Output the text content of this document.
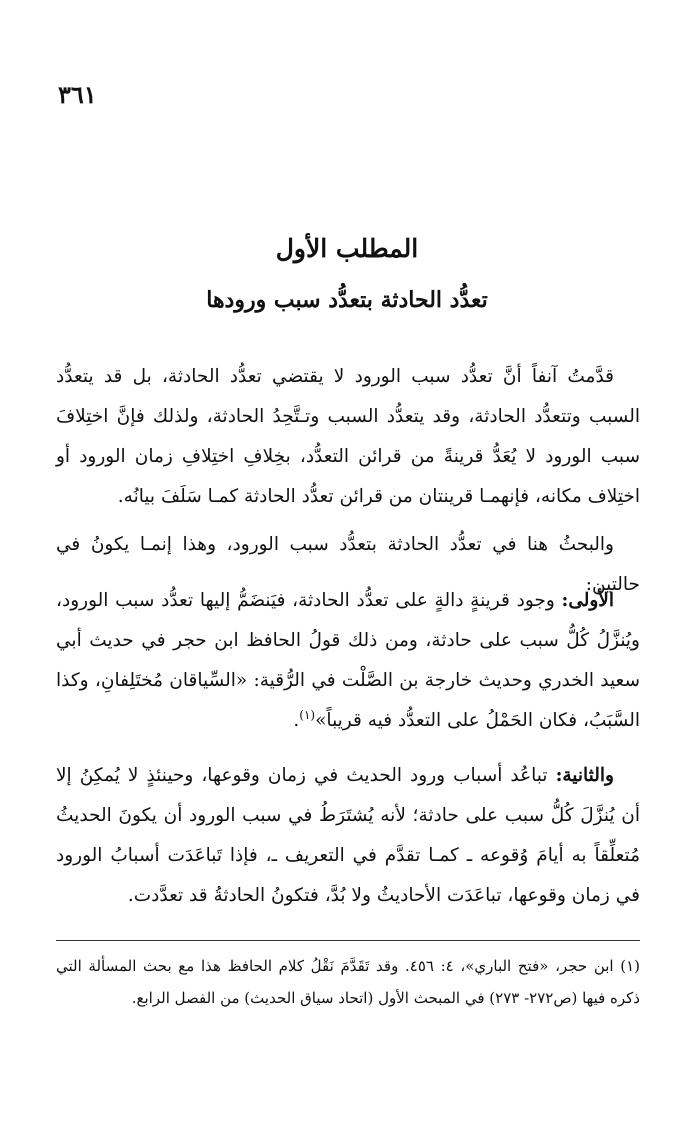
٣٦١
المطلب الأول
تعدُّد الحادثة بتعدُّد سبب ورودها
قدَّمتُ آنفاً أنَّ تعدُّد سبب الورود لا يقتضي تعدُّد الحادثة، بل قد يتعدُّد السبب وتتعدُّد الحادثة، وقد يتعدُّد السبب وتـتَّحِدُ الحادثة، ولذلك فإنَّ اختِلافَ سبب الورود لا يُعَدُّ قرينةً من قرائن التعدُّد، بخِلافِ اختِلافِ زمان الورود أو اختِلاف مكانه، فإنهمـا قرينتان من قرائن تعدُّد الحادثة كمـا سَلَفَ بيانُه.
والبحثُ هنا في تعدُّد الحادثة بتعدُّد سبب الورود، وهذا إنمـا يكونُ في حالتين:
الأولى: وجود قرينةٍ دالةٍ على تعدُّد الحادثة، فيَنضَمُّ إليها تعدُّد سبب الورود، ويُنزَّلُ كُلُّ سبب على حادثة، ومن ذلك قولُ الحافظ ابن حجر في حديث أبي سعيد الخدري وحديث خارجة بن الصَّلْت في الرُّقية: «السِّياقان مُختَلِفانِ، وكذا السَّبَبُ، فكان الحَمْلُ على التعدُّد فيه قريباً»$^{(١)}$.
والثانية: تباعُد أسباب ورود الحديث في زمان وقوعها، وحينئذٍ لا يُمكِنُ إلا أن يُنزَّلَ كُلُّ سبب على حادثة؛ لأنه يُشتَرَطُ في سبب الورود أن يكونَ الحديثُ مُتعلِّقاً به أيامَ وُقوعه ـ كمـا تقدَّم في التعريف ـ، فإذا تَباعَدَت أسبابُ الورود في زمان وقوعها، تباعَدَت الأحاديثُ ولا بُدَّ، فتكونُ الحادثةُ قد تعدَّدت.
(١) ابن حجر، «فتح الباري»، ٤: ٤٥٦. وقد تَقَدَّمَ نَقْلُ كلام الحافظ هذا مع بحث المسألة التي ذكره فيها (ص٢٧٢- ٢٧٣) في المبحث الأول (اتحاد سياق الحديث) من الفصل الرابع.
